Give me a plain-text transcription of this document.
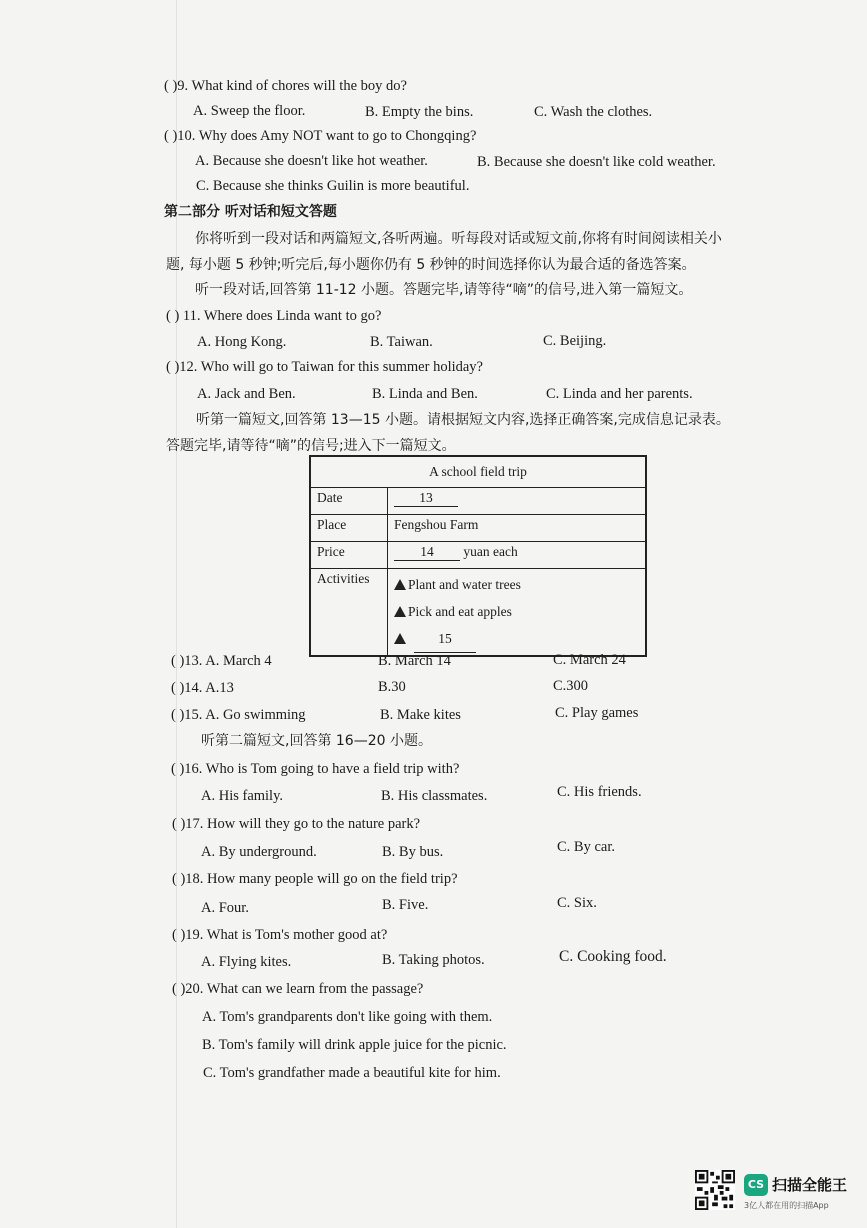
( )9. What kind of chores will the boy do?
A. Sweep the floor.	B. Empty the bins.	C. Wash the clothes.
( )10. Why does Amy NOT want to go to Chongqing?
A. Because she doesn't like hot weather.	B. Because she doesn't like cold weather.
C. Because she thinks Guilin is more beautiful.
第二部分 听对话和短文答题
你将听到一段对话和两篇短文,各听两遍。听每段对话或短文前,你将有时间阅读相关小
题, 每小题 5 秒钟;听完后,每小题你仍有 5 秒钟的时间选择你认为最合适的备选答案。
听一段对话,回答第 11-12 小题。答题完毕,请等待“嘀”的信号,进入第一篇短文。
( ) 11. Where does Linda want to go?
A. Hong Kong.	B. Taiwan.	C. Beijing.
( )12. Who will go to Taiwan for this summer holiday?
A. Jack and Ben.	B. Linda and Ben.	C. Linda and her parents.
听第一篇短文,回答第 13—15 小题。请根据短文内容,选择正确答案,完成信息记录表。
答题完毕,请等待“嘀”的信号;进入下一篇短文。
A school field trip	
Date	13
Place	Fengshou Farm
Price	14 yuan each
Activities	Plant and water trees
Pick and eat apples
15
( )13. A. March 4	B. March 14	C. March 24
( )14. A.13	B.30	C.300
( )15. A. Go swimming	B. Make kites	C. Play games
听第二篇短文,回答第 16—20 小题。
( )16. Who is Tom going to have a field trip with?
A. His family.	B. His classmates.	C. His friends.
( )17. How will they go to the nature park?
A. By underground.	B. By bus.	C. By car.
( )18. How many people will go on the field trip?
A. Four.	B. Five.	C. Six.
( )19. What is Tom's mother good at?
A. Flying kites.	B. Taking photos.	C. Cooking food.
( )20. What can we learn from the passage?
A. Tom's grandparents don't like going with them.
B. Tom's family will drink apple juice for the picnic.
C. Tom's grandfather made a beautiful kite for him.
CS 扫描全能王
3亿人都在用的扫描App
